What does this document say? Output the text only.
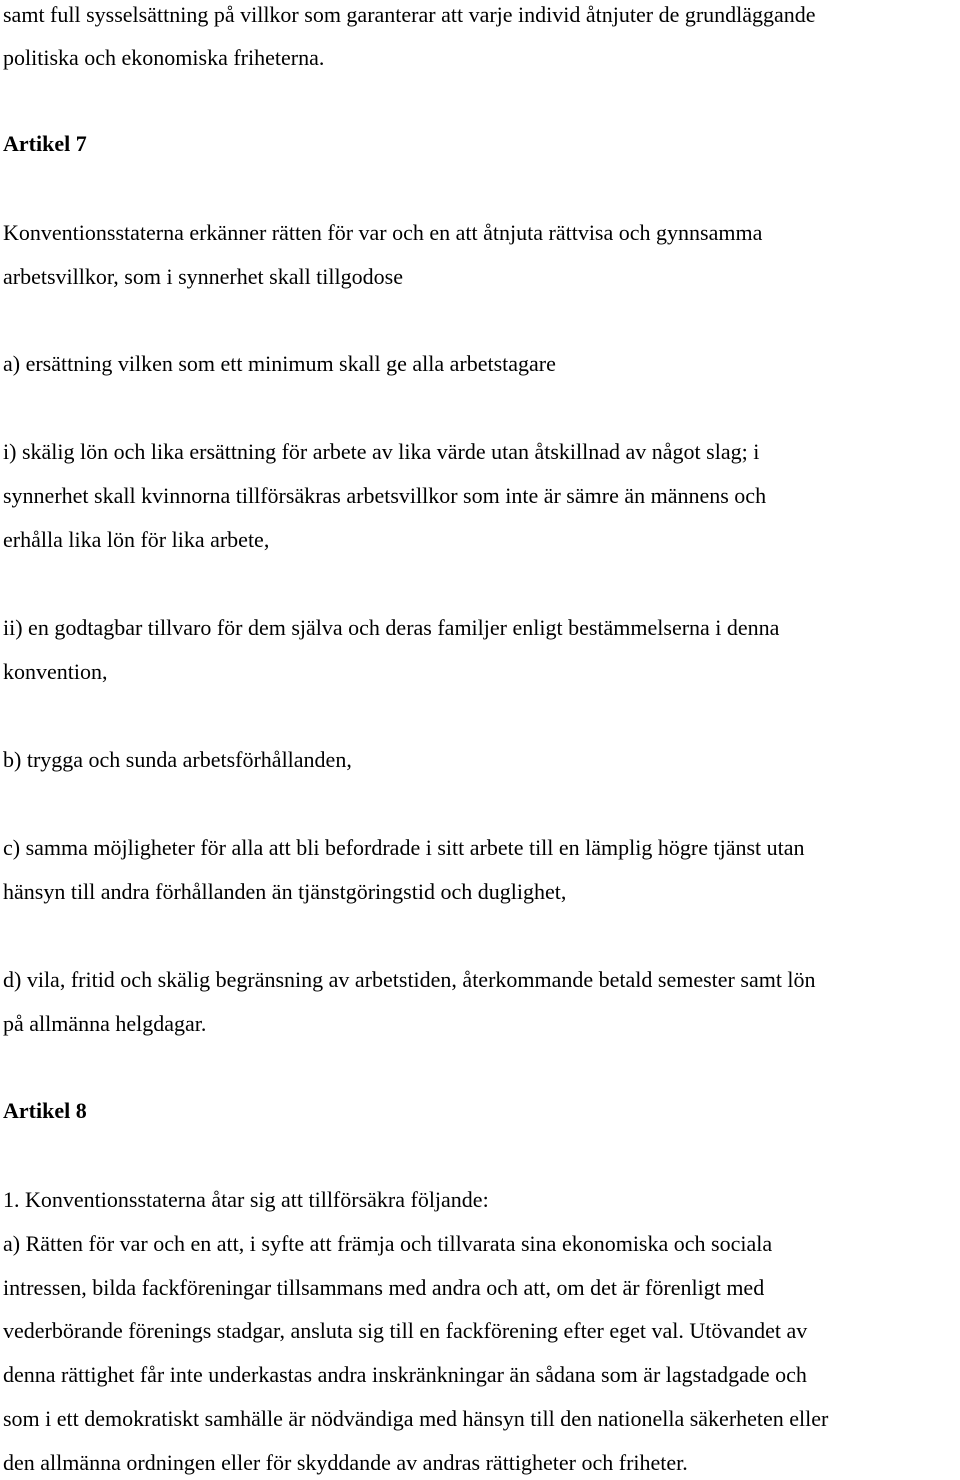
samt full sysselsättning på villkor som garanterar att varje individ åtnjuter de grundläggande

politiska och ekonomiska friheterna.

Artikel 7

Konventionsstaterna erkänner rätten för var och en att åtnjuta rättvisa och gynnsamma

arbetsvillkor, som i synnerhet skall tillgodose

a) ersättning vilken som ett minimum skall ge alla arbetstagare

i) skälig lön och lika ersättning för arbete av lika värde utan åtskillnad av något slag; i

synnerhet skall kvinnorna tillförsäkras arbetsvillkor som inte är sämre än männens och

erhålla lika lön för lika arbete,

ii) en godtagbar tillvaro för dem själva och deras familjer enligt bestämmelserna i denna

konvention,

b) trygga och sunda arbetsförhållanden,

c) samma möjligheter för alla att bli befordrade i sitt arbete till en lämplig högre tjänst utan

hänsyn till andra förhållanden än tjänstgöringstid och duglighet,

d) vila, fritid och skälig begränsning av arbetstiden, återkommande betald semester samt lön

på allmänna helgdagar.

Artikel 8

1. Konventionsstaterna åtar sig att tillförsäkra följande:

a) Rätten för var och en att, i syfte att främja och tillvarata sina ekonomiska och sociala

intressen, bilda fackföreningar tillsammans med andra och att, om det är förenligt med

vederbörande förenings stadgar, ansluta sig till en fackförening efter eget val. Utövandet av

denna rättighet får inte underkastas andra inskränkningar än sådana som är lagstadgade och

som i ett demokratiskt samhälle är nödvändiga med hänsyn till den nationella säkerheten eller

den allmänna ordningen eller för skyddande av andras rättigheter och friheter.
